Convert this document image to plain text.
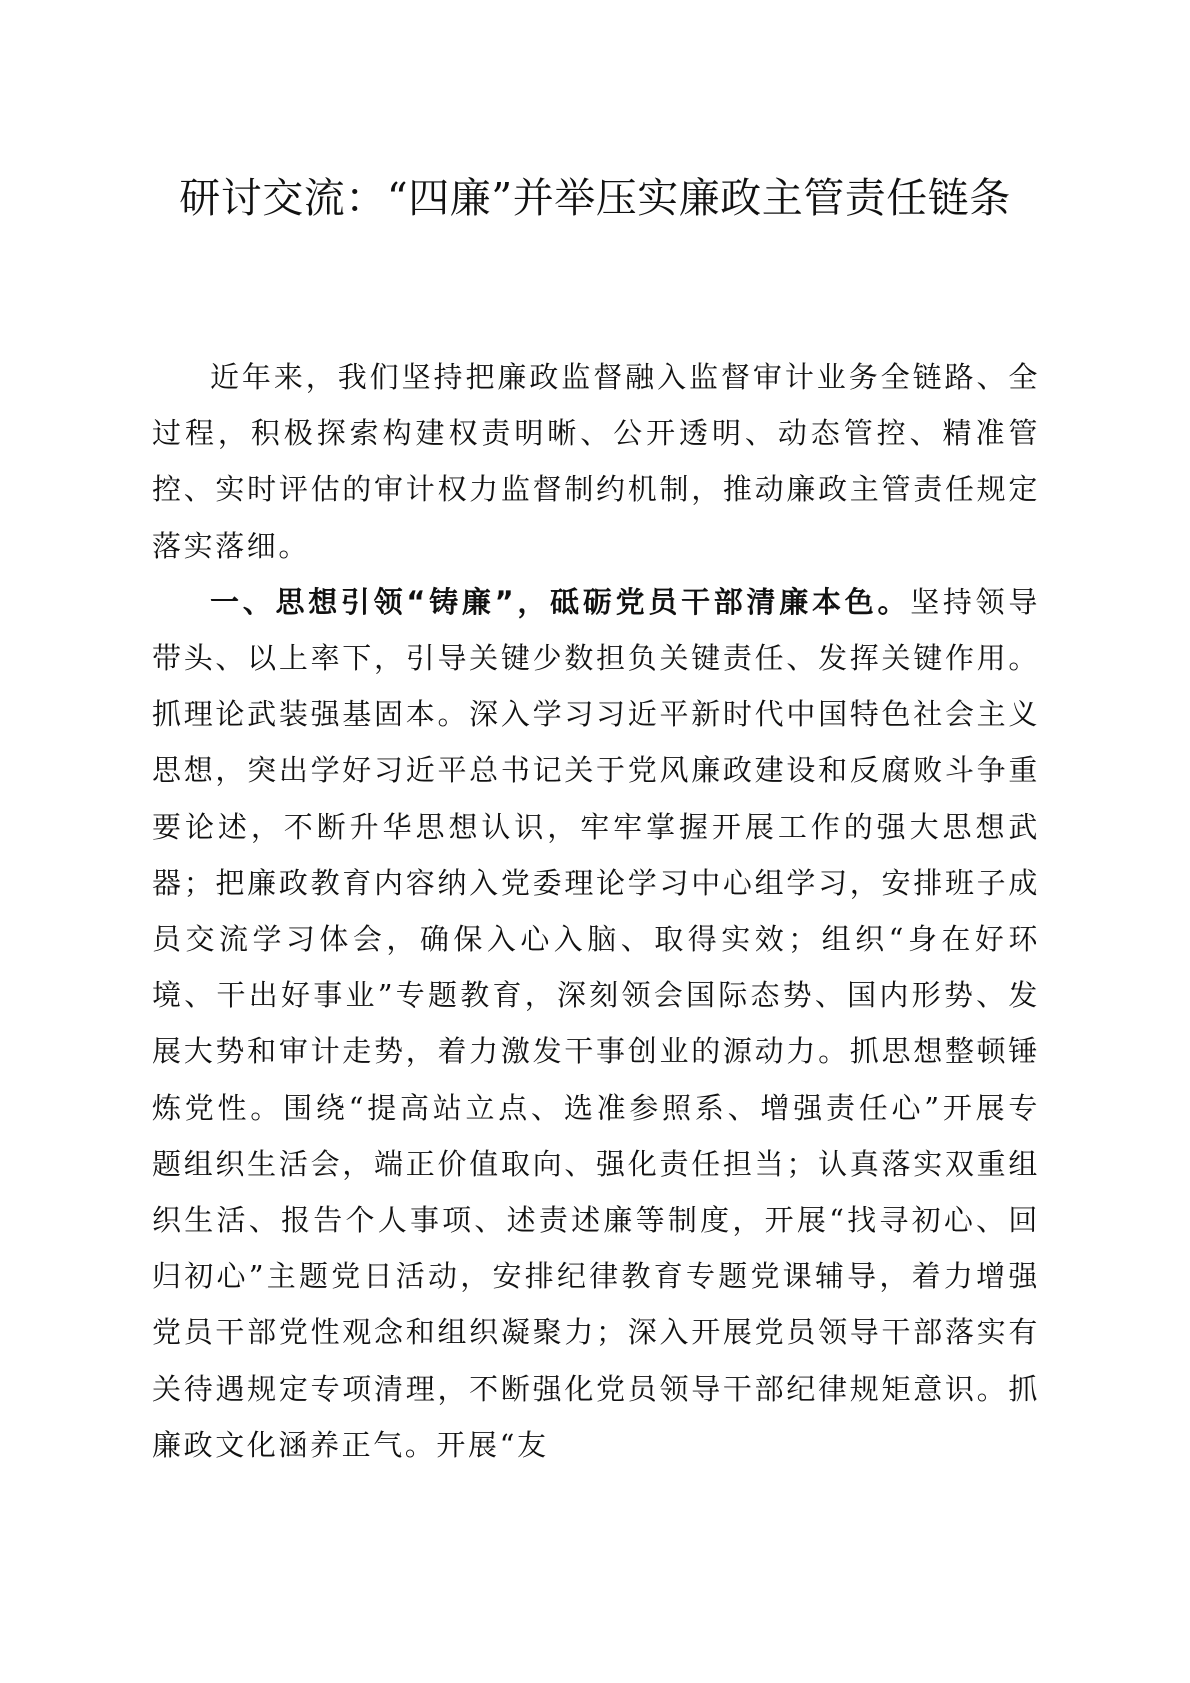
研讨交流：“四廉”并举压实廉政主管责任链条

近年来，我们坚持把廉政监督融入监督审计业务全链路、全过程，积极探索构建权责明晰、公开透明、动态管控、精准管控、实时评估的审计权力监督制约机制，推动廉政主管责任规定落实落细。

一、思想引领“铸廉”，砥砺党员干部清廉本色。坚持领导带头、以上率下，引导关键少数担负关键责任、发挥关键作用。抓理论武装强基固本。深入学习习近平新时代中国特色社会主义思想，突出学好习近平总书记关于党风廉政建设和反腐败斗争重要论述，不断升华思想认识，牢牢掌握开展工作的强大思想武器；把廉政教育内容纳入党委理论学习中心组学习，安排班子成员交流学习体会，确保入心入脑、取得实效；组织“身在好环境、干出好事业”专题教育，深刻领会国际态势、国内形势、发展大势和审计走势，着力激发干事创业的源动力。抓思想整顿锤炼党性。围绕“提高站立点、选准参照系、增强责任心”开展专题组织生活会，端正价值取向、强化责任担当；认真落实双重组织生活、报告个人事项、述责述廉等制度，开展“找寻初心、回归初心”主题党日活动，安排纪律教育专题党课辅导，着力增强党员干部党性观念和组织凝聚力；深入开展党员领导干部落实有关待遇规定专项清理，不断强化党员领导干部纪律规矩意识。抓廉政文化涵养正气。开展“友
